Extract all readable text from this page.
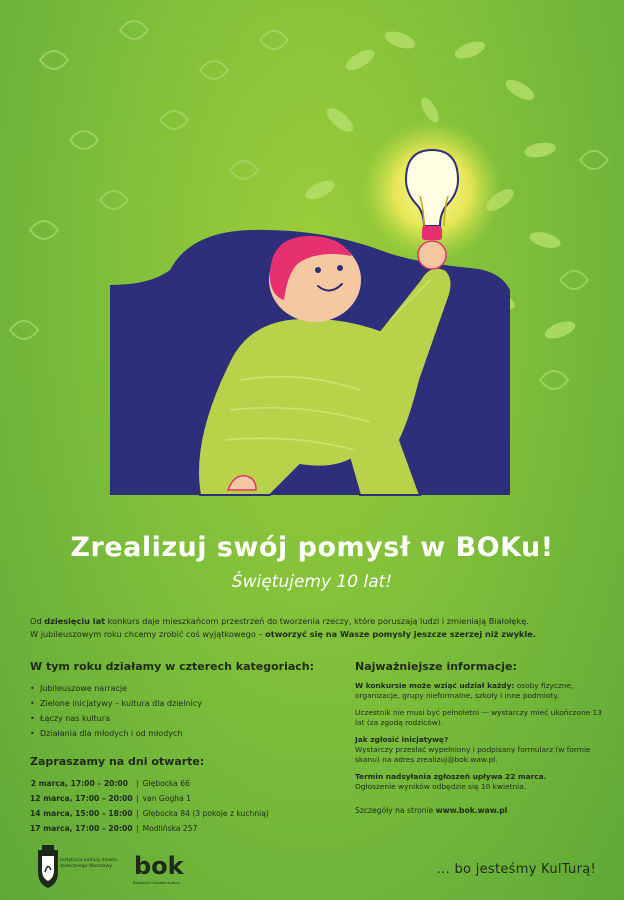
Zrealizuj swój pomysł w BOKu!
Świętujemy 10 lat!
Od dziesięciu lat konkurs daje mieszkańcom przestrzeń do tworzenia rzeczy, które poruszają ludzi i zmieniają Białołękę.
W jubileuszowym roku chcemy zrobić coś wyjątkowego – otworzyć się na Wasze pomysły jeszcze szerzej niż zwykle.
W tym roku działamy w czterech kategoriach:
• Jubileuszowe narracje
• Zielone inicjatywy – kultura dla dzielnicy
• Łączy nas kultura
• Działania dla młodych i od młodych
Zapraszamy na dni otwarte:
2 marca, 17:00 – 20:00	| Głębocka 66
12 marca, 17:00 – 20:00 | van Gogha 1
14 marca, 15:00 – 18:00 | Głębocka 84 (3 pokoje z kuchnią)
17 marca, 17:00 – 20:00 | Modlińska 257
Najważniejsze informacje:

W konkursie może wziąć udział każdy: osoby fizyczne, organizacje, grupy nieformalne, szkoły i inne podmioty.

Uczestnik nie musi być pełnoletni — wystarczy mieć ukończone 13 lat (za zgodą rodziców).

Jak zgłosić inicjatywę?
Wystarczy przesłać wypełniony i podpisany formularz (w formie skanu) na adres zrealizuj@bok.waw.pl.

Termin nadsyłania zgłoszeń upływa 22 marca.
Ogłoszenie wyników odbędzie się 10 kwietnia.

Szczegóły na stronie www.bok.waw.pl
bok
Instytucja kultury miasta stołecznego Warszawy
Białołęcki Ośrodek Kultury
... bo jesteśmy KulTurą!
